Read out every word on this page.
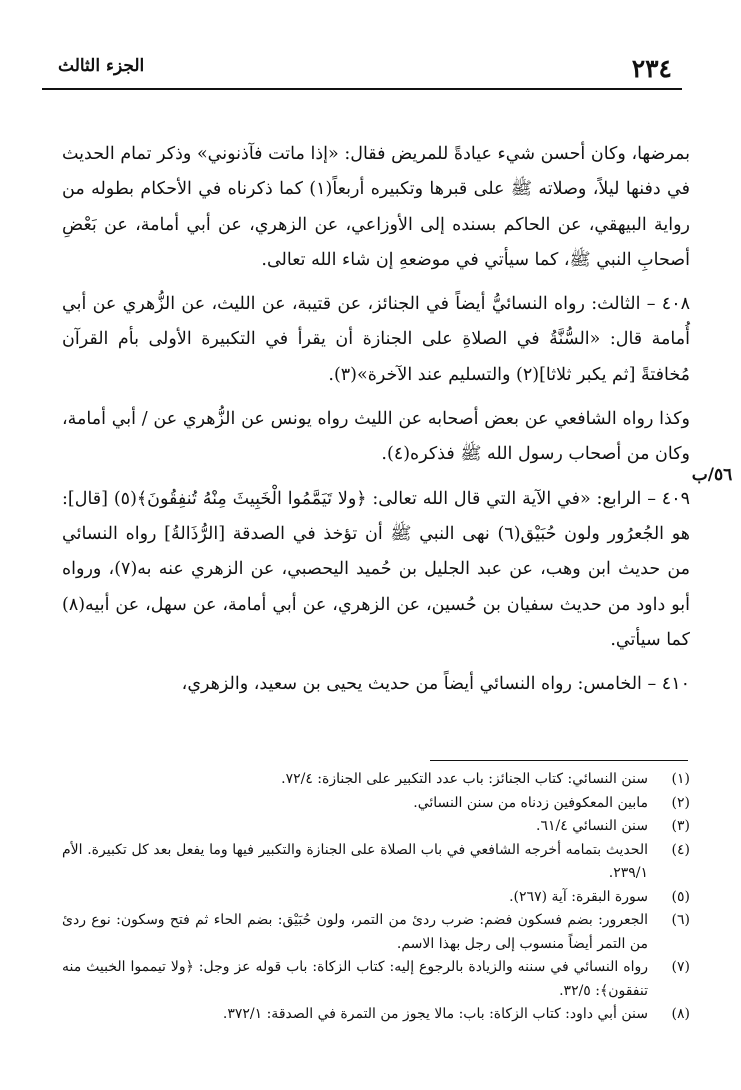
٢٣٤
الجزء الثالث
٥٦/ب

بمرضها، وكان أحسن شيء عيادةً للمريض فقال: «إذا ماتت فآذنوني» وذكر تمام الحديث في دفنها ليلاً، وصلاته ﷺ على قبرها وتكبيره أربعاً(١) كما ذكرناه في الأحكام بطوله من رواية البيهقي، عن الحاكم بسنده إلى الأوزاعي، عن الزهري، عن أبي أمامة، عن بَعْضِ أصحابِ النبي ﷺ، كما سيأتي في موضعهِ إن شاء الله تعالى.

٤٠٨ – الثالث: رواه النسائيُّ أيضاً في الجنائز، عن قتيبة، عن الليث، عن الزُّهري عن أبي أُمامة قال: «السُّنَّةُ في الصلاةِ على الجنازة أن يقرأ في التكبيرة الأولى بأم القرآن مُخافتةً [ثم يكبر ثلاثا](٢) والتسليم عند الآخرة»(٣).

وكذا رواه الشافعي عن بعض أصحابه عن الليث رواه يونس عن الزُّهري عن / أبي أمامة، وكان من أصحاب رسول الله ﷺ فذكره(٤).

٤٠٩ – الرابع: «في الآية التي قال الله تعالى: ﴿ولا تَيَمَّمُوا الْخَبِيثَ مِنْهُ تُنفِقُونَ﴾(٥) [قال]: هو الجُعرُور ولون حُبَيْق(٦) نهى النبي ﷺ أن تؤخذ في الصدقة [الرُّذَالةُ] رواه النسائي من حديث ابن وهب، عن عبد الجليل بن حُميد اليحصبي، عن الزهري عنه به(٧)، ورواه أبو داود من حديث سفيان بن حُسين، عن الزهري، عن أبي أمامة، عن سهل، عن أبيه(٨) كما سيأتي.

٤١٠ – الخامس: رواه النسائي أيضاً من حديث يحيى بن سعيد، والزهري،

(١)
سنن النسائي: كتاب الجنائز: باب عدد التكبير على الجنازة: ٧٢/٤.

(٢)
مابين المعكوفين زدناه من سنن النسائي.

(٣)
سنن النسائي ٦١/٤.

(٤)
الحديث بتمامه أخرجه الشافعي في باب الصلاة على الجنازة والتكبير فيها وما يفعل بعد كل تكبيرة. الأم ٢٣٩/١.

(٥)
سورة البقرة: آية (٢٦٧).

(٦)
الجعرور: بضم فسكون فضم: ضرب ردئ من التمر، ولون حُبَيْق: بضم الحاء ثم فتح وسكون: نوع ردئ من التمر أيضاً منسوب إلى رجل بهذا الاسم.

(٧)
رواه النسائي في سننه والزيادة بالرجوع إليه: كتاب الزكاة: باب قوله عز وجل: ﴿ولا تيمموا الخبيث منه تنفقون﴾: ٣٢/٥.

(٨)
سنن أبي داود: كتاب الزكاة: باب: مالا يجوز من التمرة في الصدقة: ٣٧٢/١.
